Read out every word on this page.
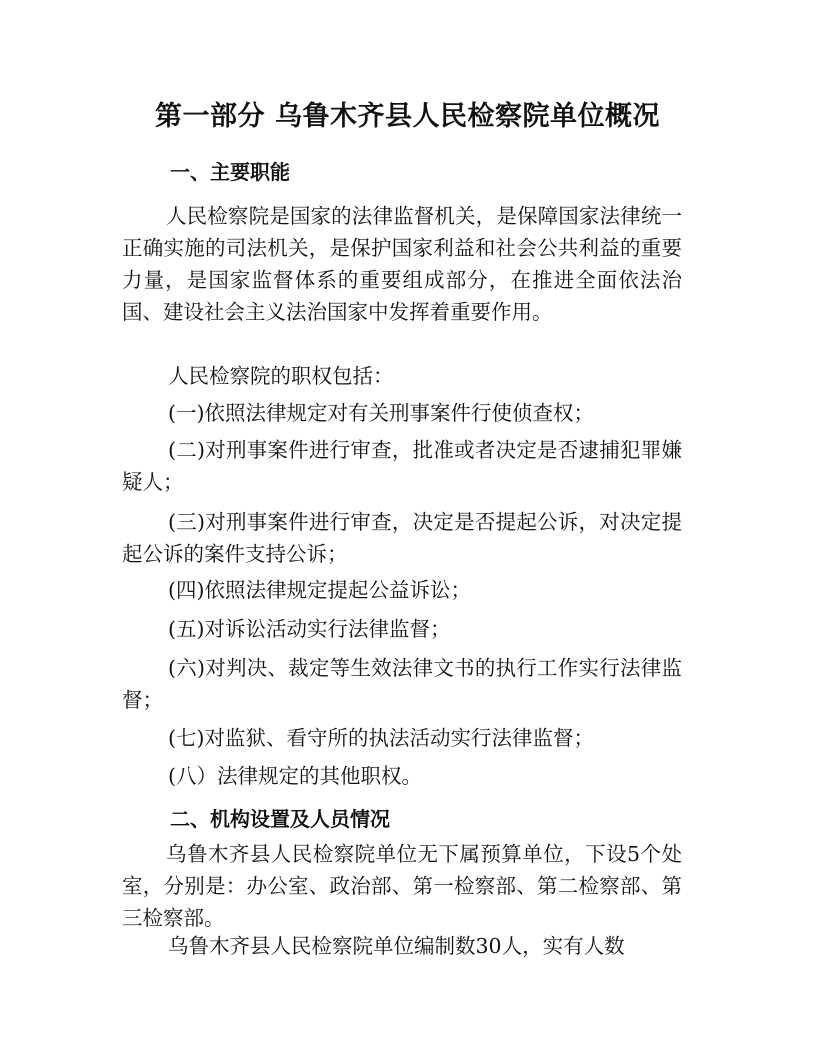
第一部分 乌鲁木齐县人民检察院单位概况
一、主要职能

人民检察院是国家的法律监督机关，是保障国家法律统一正确实施的司法机关，是保护国家利益和社会公共利益的重要力量，是国家监督体系的重要组成部分，在推进全面依法治国、建设社会主义法治国家中发挥着重要作用。

人民检察院的职权包括：
(一)依照法律规定对有关刑事案件行使侦查权；

(二)对刑事案件进行审查，批准或者决定是否逮捕犯罪嫌疑人；

(三)对刑事案件进行审查，决定是否提起公诉，对决定提起公诉的案件支持公诉；

(四)依照法律规定提起公益诉讼；
(五)对诉讼活动实行法律监督；

(六)对判决、裁定等生效法律文书的执行工作实行法律监督；

(七)对监狱、看守所的执法活动实行法律监督；
(八）法律规定的其他职权。
二、机构设置及人员情况

乌鲁木齐县人民检察院单位无下属预算单位，下设5个处室，分别是：办公室、政治部、第一检察部、第二检察部、第三检察部。

乌鲁木齐县人民检察院单位编制数30人，实有人数
